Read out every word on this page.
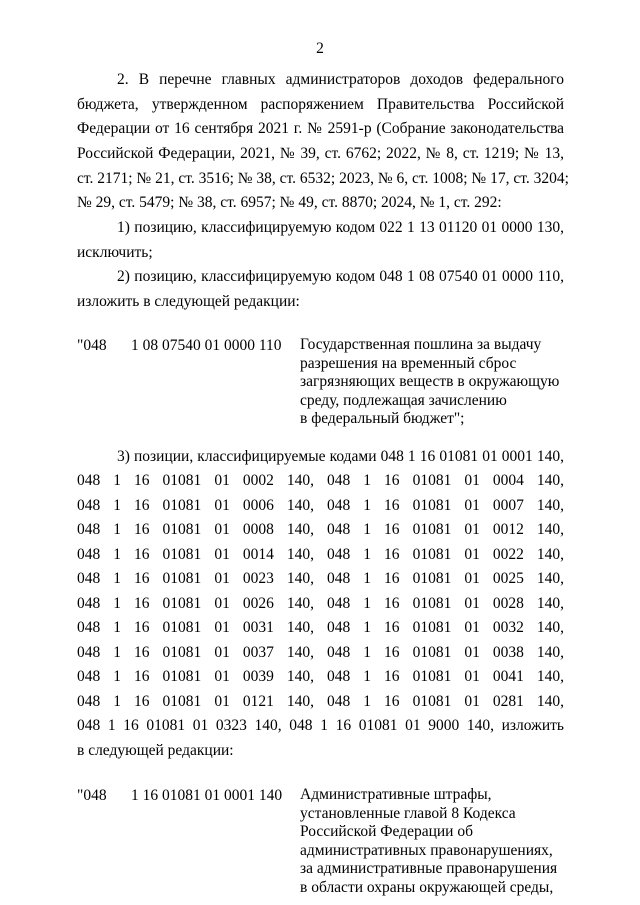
2
2. В перечне главных администраторов доходов федерального
бюджета, утвержденном распоряжением Правительства Российской
Федерации от 16 сентября 2021 г. № 2591-р (Собрание законодательства
Российской Федерации, 2021, № 39, ст. 6762; 2022, № 8, ст. 1219; № 13,
ст. 2171; № 21, ст. 3516; № 38, ст. 6532; 2023, № 6, ст. 1008; № 17, ст. 3204;
№ 29, ст. 5479; № 38, ст. 6957; № 49, ст. 8870; 2024, № 1, ст. 292:
1) позицию, классифицируемую кодом 022 1 13 01120 01 0000 130,
исключить;
2) позицию, классифицируемую кодом 048 1 08 07540 01 0000 110,
изложить в следующей редакции:
"048 1 08 07540 01 0000 110 Государственная пошлина за выдачу
разрешения на временный сброс
загрязняющих веществ в окружающую
среду, подлежащая зачислению
в федеральный бюджет";
3) позиции, классифицируемые кодами 048 1 16 01081 01 0001 140,
048 1 16 01081 01 0002 140, 048 1 16 01081 01 0004 140,
048 1 16 01081 01 0006 140, 048 1 16 01081 01 0007 140,
048 1 16 01081 01 0008 140, 048 1 16 01081 01 0012 140,
048 1 16 01081 01 0014 140, 048 1 16 01081 01 0022 140,
048 1 16 01081 01 0023 140, 048 1 16 01081 01 0025 140,
048 1 16 01081 01 0026 140, 048 1 16 01081 01 0028 140,
048 1 16 01081 01 0031 140, 048 1 16 01081 01 0032 140,
048 1 16 01081 01 0037 140, 048 1 16 01081 01 0038 140,
048 1 16 01081 01 0039 140, 048 1 16 01081 01 0041 140,
048 1 16 01081 01 0121 140, 048 1 16 01081 01 0281 140,
048 1 16 01081 01 0323 140, 048 1 16 01081 01 9000 140, изложить
в следующей редакции:
"048 1 16 01081 01 0001 140 Административные штрафы,
установленные главой 8 Кодекса
Российской Федерации об
административных правонарушениях,
за административные правонарушения
в области охраны окружающей среды,
